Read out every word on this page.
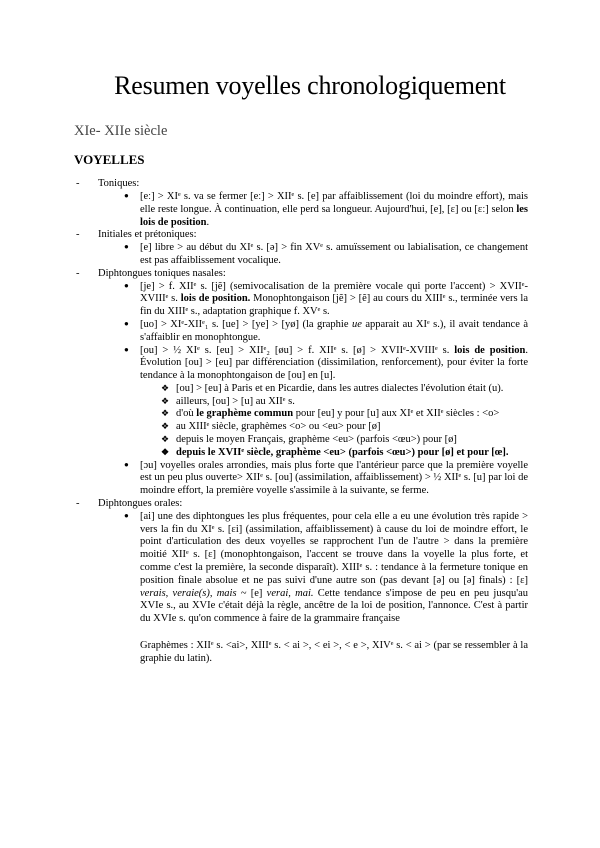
Resumen voyelles chronologiquement
XIe- XIIe siècle
VOYELLES
- Toniques:
● [eː] > XIᵉ s. va se fermer [eː] > XIIᵉ s. [e] par affaiblissement (loi du moindre effort), mais elle reste longue. À continuation, elle perd sa longueur. Aujourd'hui, [e], [ɛ] ou [ɛː] selon les lois de position.
- Initiales et prétoniques:
● [e] libre > au début du XIᵉ s. [ə] > fin XVᵉ s. amuïssement ou labialisation, ce changement est pas affaiblissement vocalique.
- Diphtongues toniques nasales:
● [je] > f. XIIᵉ s. [jẽ] (semivocalisation de la première vocale qui porte l'accent) > XVIIᵉ-XVIIIᵉ s. lois de position. Monophtongaison [jẽ] > [ẽ] au cours du XIIIᵉ s., terminée vers la fin du XIIIᵉ s., adaptation graphique f. XVᵉ s.
● [uo] > XIᵉ-XIIᵉ₁ s. [ue] > [ye] > [yø] (la graphie ue apparait au XIᵉ s.), il avait tendance à s'affaiblir en monophtongue.
● [ou] > ½ XIᵉ s. [eu] > XIIᵉ₂ [øu] > f. XIIᵉ s. [ø] > XVIIᵉ-XVIIIᵉ s. lois de position. Évolution [ou] > [eu] par différenciation (dissimilation, renforcement), pour éviter la forte tendance à la monophtongaison de [ou] en [u].
❖ [ou] > [eu] à Paris et en Picardie, dans les autres dialectes l'évolution était (u).
❖ ailleurs, [ou] > [u] au XIIᵉ s.
❖ d'où le graphème commun pour [eu] y pour [u] aux XIᵉ et XIIᵉ siècles : <o>
❖ au XIIIᵉ siècle, graphèmes <o> ou <eu> pour [ø]
❖ depuis le moyen Français, graphème <eu> (parfois <œu>) pour [ø]
❖ depuis le XVIIᵉ siècle, graphème <eu> (parfois <œu>) pour [ø] et pour [œ].
● [ɔu] voyelles orales arrondies, mais plus forte que l'antérieur parce que la première voyelle est un peu plus ouverte> XIIᵉ s. [ou] (assimilation, affaiblissement) > ½ XIIᵉ s. [u] par loi de moindre effort, la première voyelle s'assimile à la suivante, se ferme.
- Diphtongues orales:
● [ai] une des diphtongues les plus fréquentes, pour cela elle a eu une évolution très rapide > vers la fin du XIᵉ s. [ɛi] (assimilation, affaiblissement) à cause du loi de moindre effort, le point d'articulation des deux voyelles se rapprochent l'un de l'autre > dans la première moitié XIIᵉ s. [ɛ] (monophtongaison, l'accent se trouve dans la voyelle la plus forte, et comme c'est la première, la seconde disparaît). XIIIᵉ s. : tendance à la fermeture tonique en position finale absolue et ne pas suivi d'une autre son (pas devant [ə] ou [ə] finals) : [ɛ] verais, veraie(s), mais ~ [e] verai, mai. Cette tendance s'impose de peu en peu jusqu'au XVIe s., au XVIe c'était déjà la règle, ancêtre de la loi de position, l'annonce. C'est à partir du XVIe s. qu'on commence à faire de la grammaire française
Graphèmes : XIIᵉ s. <ai>, XIIIᵉ s. < ai >, < ei >, < e >, XIVᵉ s. < ai > (par se ressembler à la graphie du latin).
